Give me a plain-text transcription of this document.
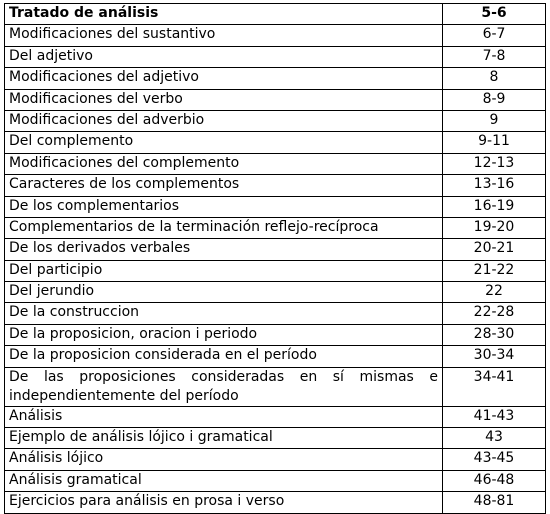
Tratado de análisis	5-6
Modificaciones del sustantivo	6-7
Del adjetivo	7-8
Modificaciones del adjetivo	8
Modificaciones del verbo	8-9
Modificaciones del adverbio	9
Del complemento	9-11
Modificaciones del complemento	12-13
Caracteres de los complementos	13-16
De los complementarios	16-19
Complementarios de la terminación reflejo-recíproca	19-20
De los derivados verbales	20-21
Del participio	21-22
Del jerundio	22
De la construccion	22-28
De la proposicion, oracion i periodo	28-30
De la proposicion considerada en el período	30-34
De las proposiciones consideradas en sí mismas e independientemente del período	34-41
Análisis	41-43
Ejemplo de análisis lójico i gramatical	43
Análisis lójico	43-45
Análisis gramatical	46-48
Ejercicios para análisis en prosa i verso	48-81
